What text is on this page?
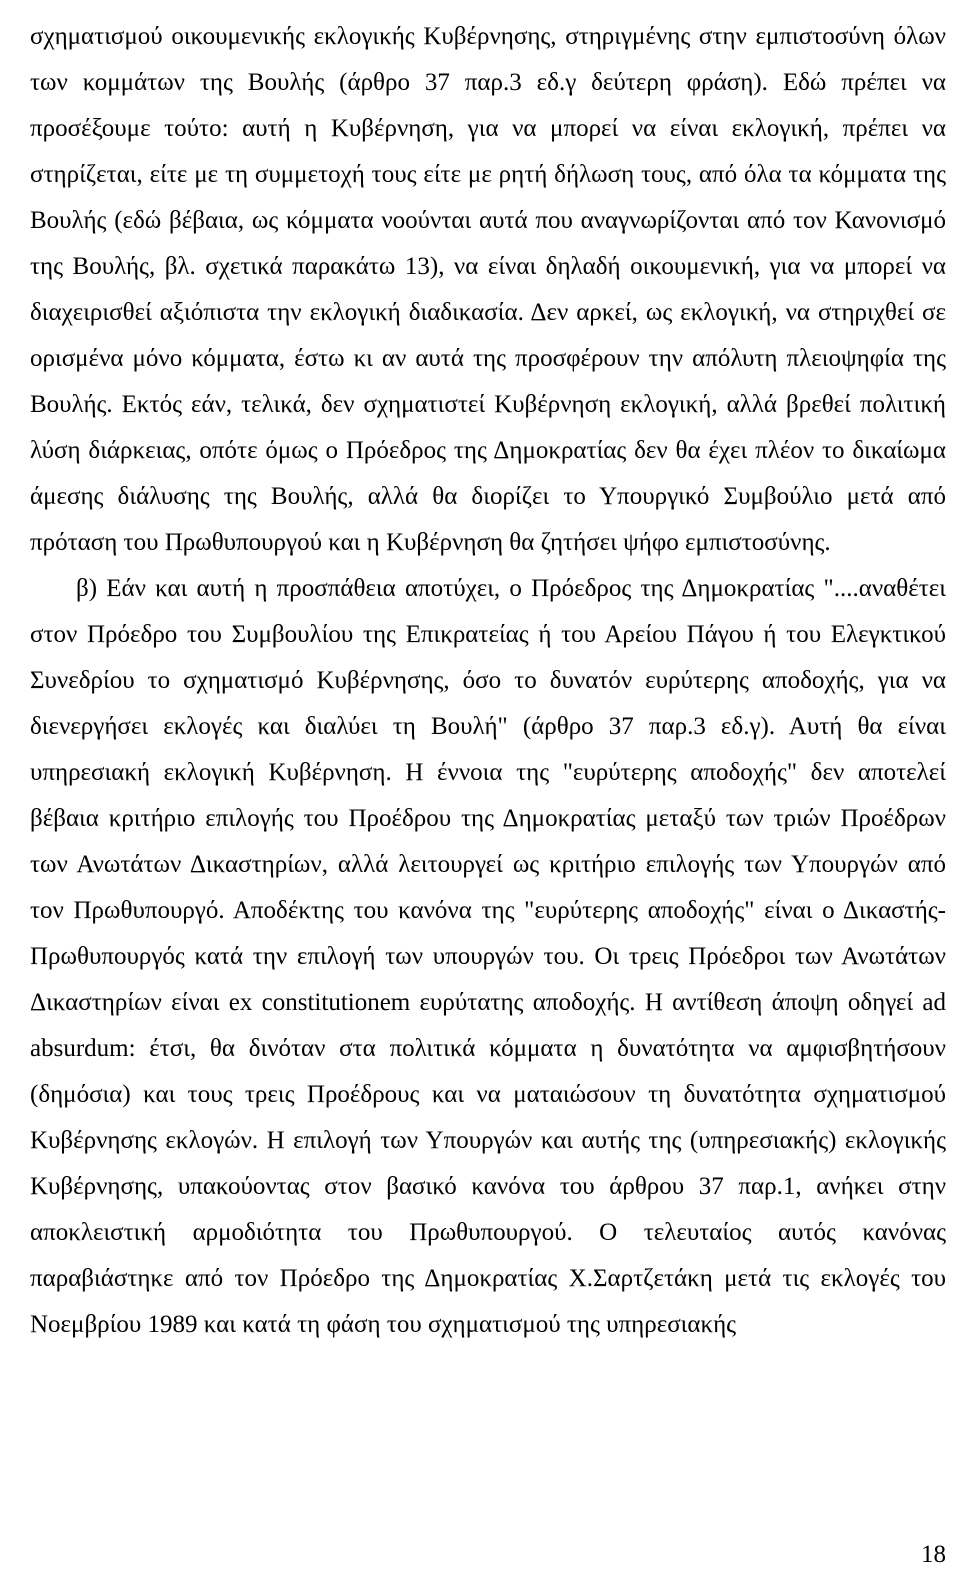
σχηματισμού οικουμενικής εκλογικής Κυβέρνησης, στηριγμένης στην εμπιστοσύνη όλων των κομμάτων της Βουλής (άρθρο 37 παρ.3 εδ.γ δεύτερη φράση). Εδώ πρέπει να προσέξουμε τούτο: αυτή η Κυβέρνηση, για να μπορεί να είναι εκλογική, πρέπει να στηρίζεται, είτε με τη συμμετοχή τους είτε με ρητή δήλωση τους, από όλα τα κόμματα της Βουλής (εδώ βέβαια, ως κόμματα νοούνται αυτά που αναγνωρίζονται από τον Κανονισμό της Βουλής, βλ. σχετικά παρακάτω 13), να είναι δηλαδή οικουμενική, για να μπορεί να διαχειρισθεί αξιόπιστα την εκλογική διαδικασία. Δεν αρκεί, ως εκλογική, να στηριχθεί σε ορισμένα μόνο κόμματα, έστω κι αν αυτά της προσφέρουν την απόλυτη πλειοψηφία της Βουλής. Εκτός εάν, τελικά, δεν σχηματιστεί Κυβέρνηση εκλογική, αλλά βρεθεί πολιτική λύση διάρκειας, οπότε όμως ο Πρόεδρος της Δημοκρατίας δεν θα έχει πλέον το δικαίωμα άμεσης διάλυσης της Βουλής, αλλά θα διορίζει το Υπουργικό Συμβούλιο μετά από πρόταση του Πρωθυπουργού και η Κυβέρνηση θα ζητήσει ψήφο εμπιστοσύνης.

β) Εάν και αυτή η προσπάθεια αποτύχει, ο Πρόεδρος της Δημοκρατίας "....αναθέτει στον Πρόεδρο του Συμβουλίου της Επικρατείας ή του Αρείου Πάγου ή του Ελεγκτικού Συνεδρίου το σχηματισμό Κυβέρνησης, όσο το δυνατόν ευρύτερης αποδοχής, για να διενεργήσει εκλογές και διαλύει τη Βουλή" (άρθρο 37 παρ.3 εδ.γ). Αυτή θα είναι υπηρεσιακή εκλογική Κυβέρνηση. Η έννοια της "ευρύτερης αποδοχής" δεν αποτελεί βέβαια κριτήριο επιλογής του Προέδρου της Δημοκρατίας μεταξύ των τριών Προέδρων των Ανωτάτων Δικαστηρίων, αλλά λειτουργεί ως κριτήριο επιλογής των Υπουργών από τον Πρωθυπουργό. Αποδέκτης του κανόνα της "ευρύτερης αποδοχής" είναι ο Δικαστής-Πρωθυπουργός κατά την επιλογή των υπουργών του. Οι τρεις Πρόεδροι των Ανωτάτων Δικαστηρίων είναι ex constitutionem ευρύτατης αποδοχής. Η αντίθεση άποψη οδηγεί ad absurdum: έτσι, θα δινόταν στα πολιτικά κόμματα η δυνατότητα να αμφισβητήσουν (δημόσια) και τους τρεις Προέδρους και να ματαιώσουν τη δυνατότητα σχηματισμού Κυβέρνησης εκλογών. Η επιλογή των Υπουργών και αυτής της (υπηρεσιακής) εκλογικής Κυβέρνησης, υπακούοντας στον βασικό κανόνα του άρθρου 37 παρ.1, ανήκει στην αποκλειστική αρμοδιότητα του Πρωθυπουργού. Ο τελευταίος αυτός κανόνας παραβιάστηκε από τον Πρόεδρο της Δημοκρατίας Χ.Σαρτζετάκη μετά τις εκλογές του Νοεμβρίου 1989 και κατά τη φάση του σχηματισμού της υπηρεσιακής

18
